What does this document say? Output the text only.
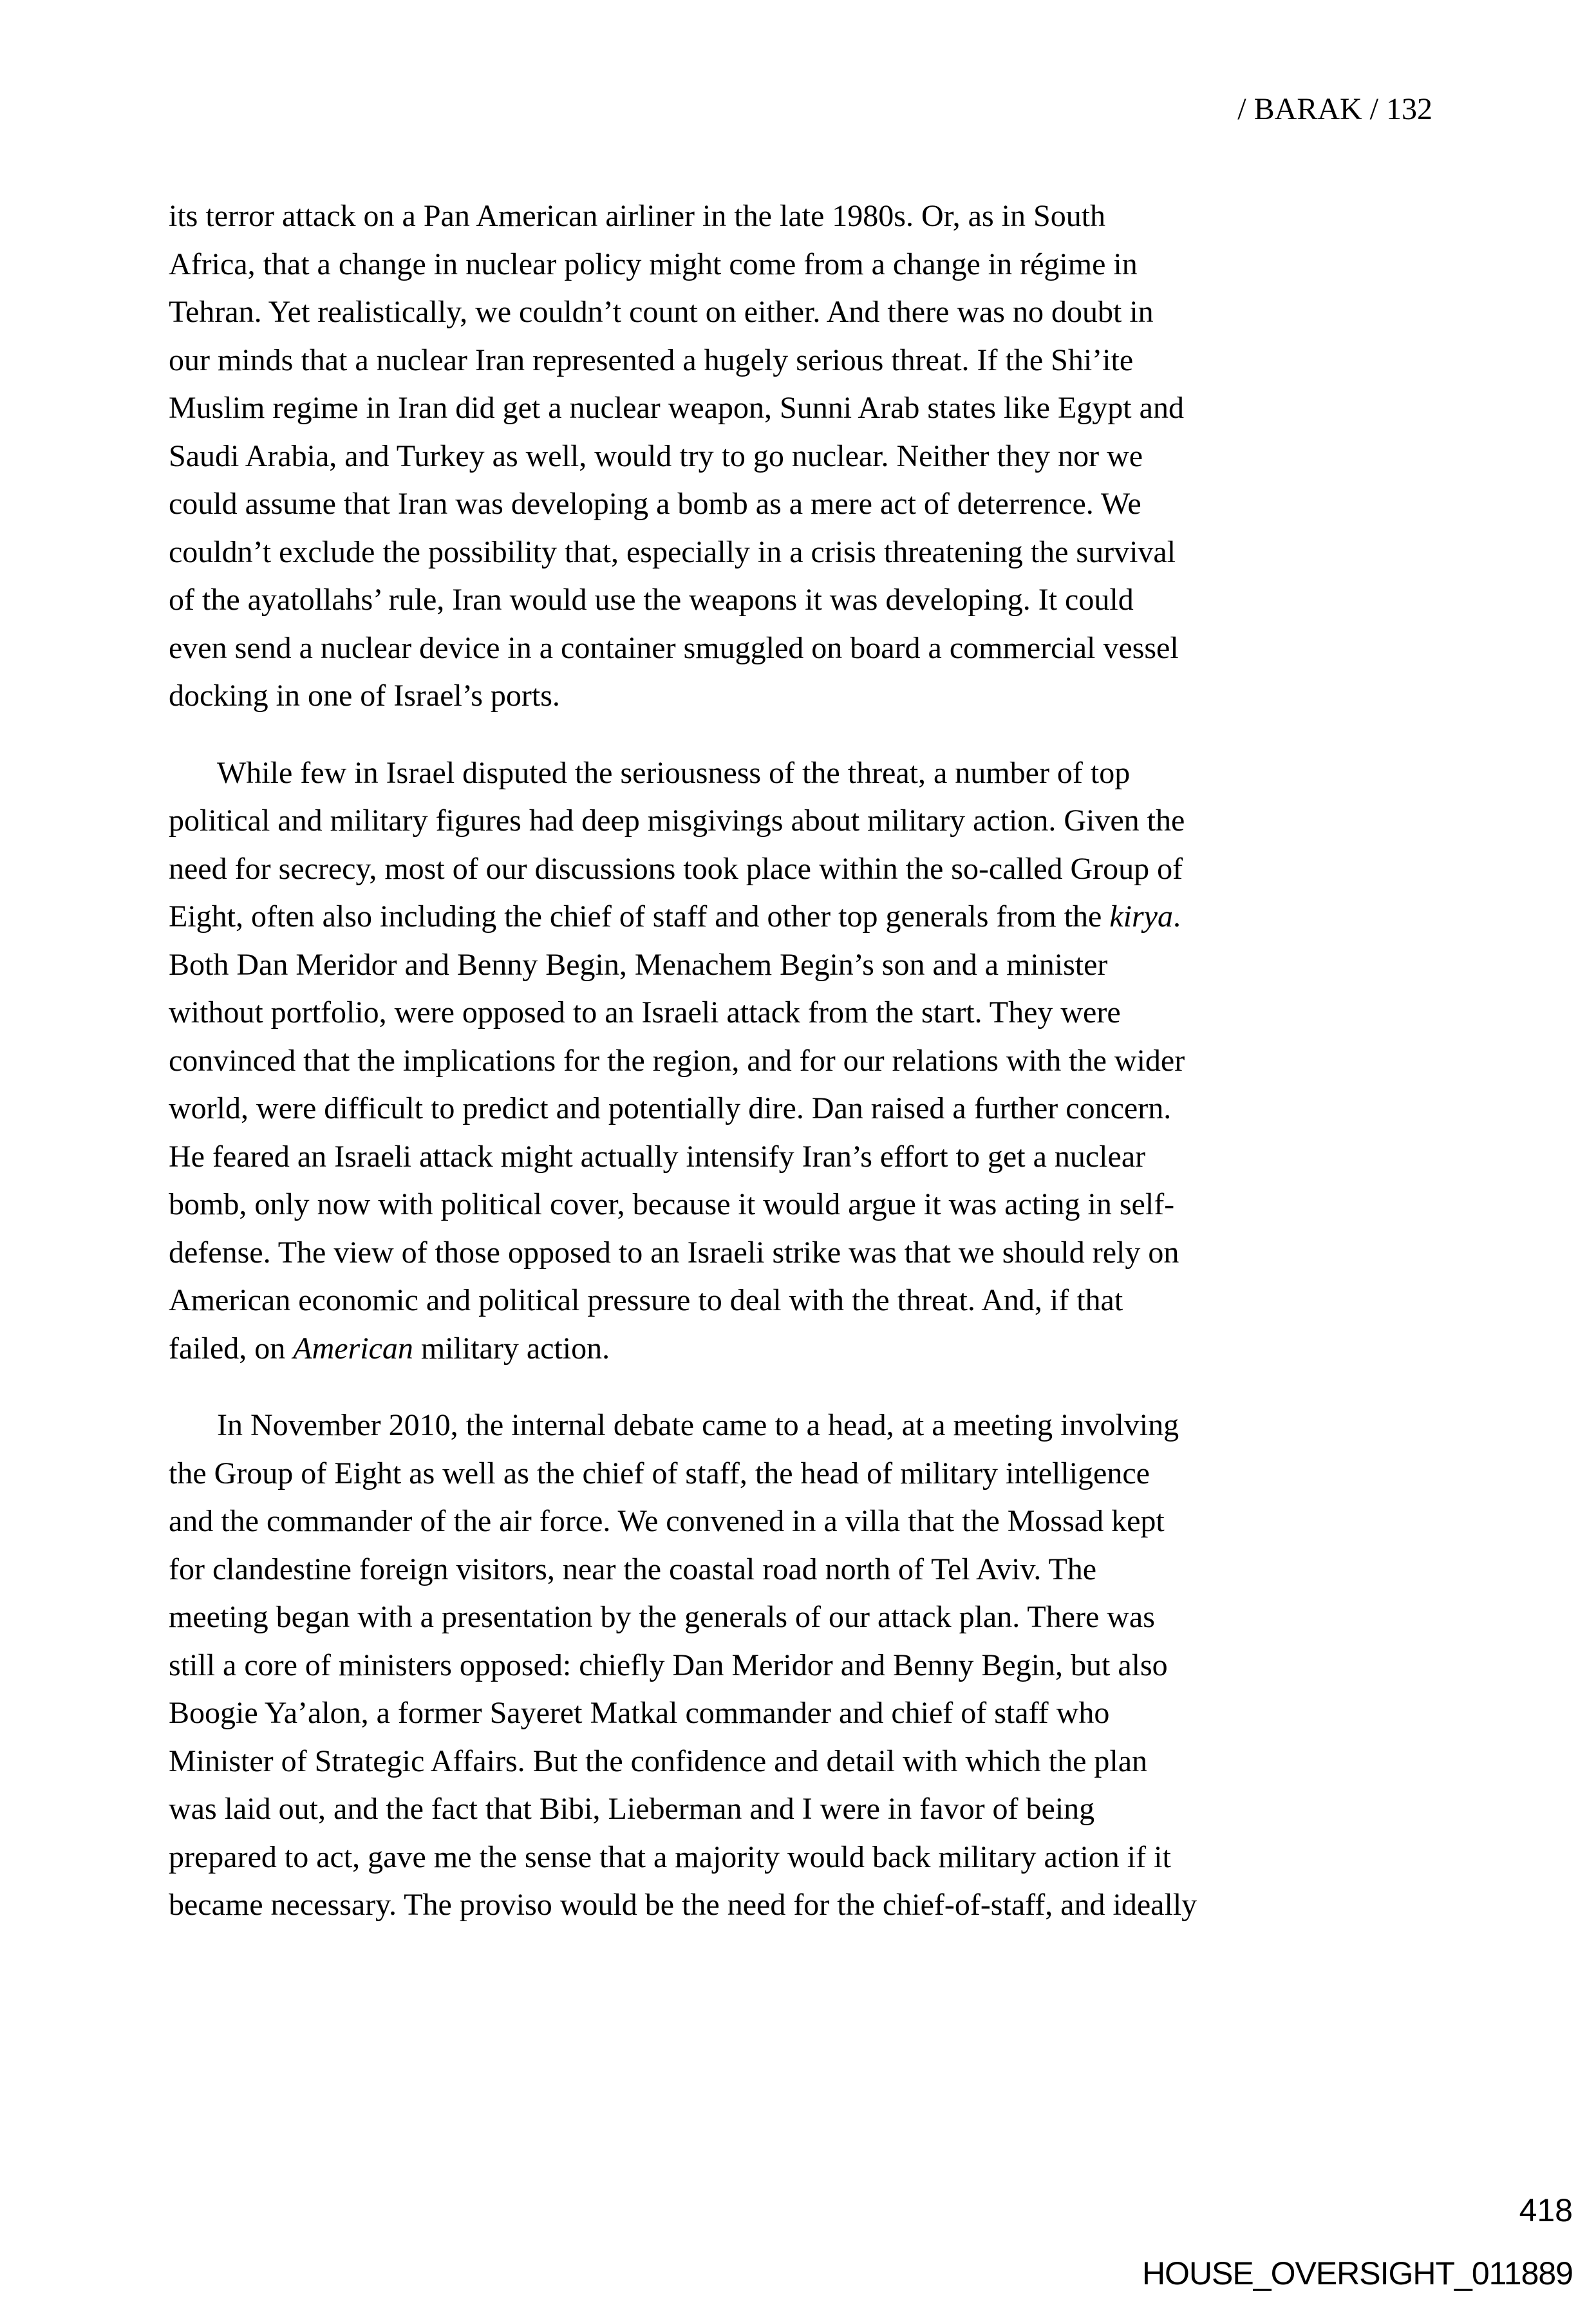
/ BARAK / 132
its terror attack on a Pan American airliner in the late 1980s. Or, as in South
Africa, that a change in nuclear policy might come from a change in régime in
Tehran. Yet realistically, we couldn’t count on either. And there was no doubt in
our minds that a nuclear Iran represented a hugely serious threat. If the Shi’ite
Muslim regime in Iran did get a nuclear weapon, Sunni Arab states like Egypt and
Saudi Arabia, and Turkey as well, would try to go nuclear. Neither they nor we
could assume that Iran was developing a bomb as a mere act of deterrence. We
couldn’t exclude the possibility that, especially in a crisis threatening the survival
of the ayatollahs’ rule, Iran would use the weapons it was developing. It could
even send a nuclear device in a container smuggled on board a commercial vessel
docking in one of Israel’s ports.
While few in Israel disputed the seriousness of the threat, a number of top
political and military figures had deep misgivings about military action. Given the
need for secrecy, most of our discussions took place within the so-called Group of
Eight, often also including the chief of staff and other top generals from the kirya.
Both Dan Meridor and Benny Begin, Menachem Begin’s son and a minister
without portfolio, were opposed to an Israeli attack from the start. They were
convinced that the implications for the region, and for our relations with the wider
world, were difficult to predict and potentially dire. Dan raised a further concern.
He feared an Israeli attack might actually intensify Iran’s effort to get a nuclear
bomb, only now with political cover, because it would argue it was acting in self-
defense. The view of those opposed to an Israeli strike was that we should rely on
American economic and political pressure to deal with the threat. And, if that
failed, on American military action.
In November 2010, the internal debate came to a head, at a meeting involving
the Group of Eight as well as the chief of staff, the head of military intelligence
and the commander of the air force. We convened in a villa that the Mossad kept
for clandestine foreign visitors, near the coastal road north of Tel Aviv. The
meeting began with a presentation by the generals of our attack plan. There was
still a core of ministers opposed: chiefly Dan Meridor and Benny Begin, but also
Boogie Ya’alon, a former Sayeret Matkal commander and chief of staff who
Minister of Strategic Affairs. But the confidence and detail with which the plan
was laid out, and the fact that Bibi, Lieberman and I were in favor of being
prepared to act, gave me the sense that a majority would back military action if it
became necessary. The proviso would be the need for the chief-of-staff, and ideally
418
HOUSE_OVERSIGHT_011889
